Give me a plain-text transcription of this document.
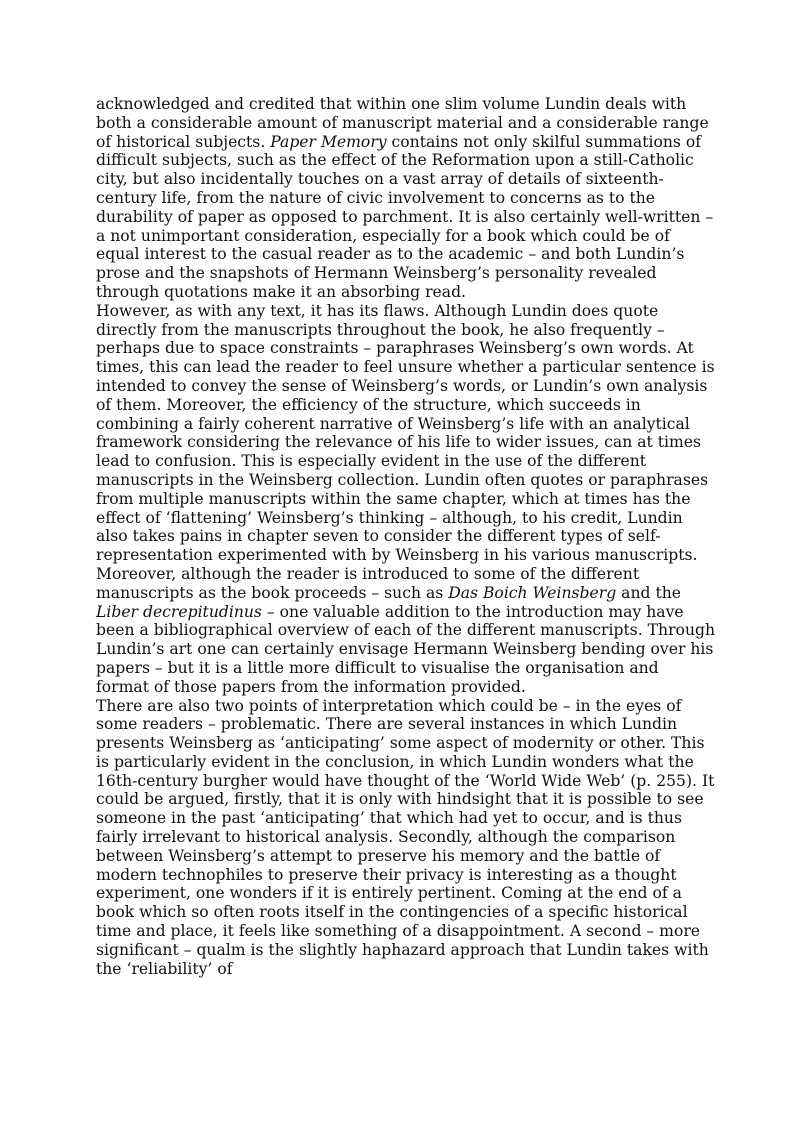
acknowledged and credited that within one slim volume Lundin deals with both a considerable amount of manuscript material and a considerable range of historical subjects. Paper Memory contains not only skilful summations of difficult subjects, such as the effect of the Reformation upon a still-Catholic city, but also incidentally touches on a vast array of details of sixteenth-century life, from the nature of civic involvement to concerns as to the durability of paper as opposed to parchment. It is also certainly well-written – a not unimportant consideration, especially for a book which could be of equal interest to the casual reader as to the academic – and both Lundin’s prose and the snapshots of Hermann Weinsberg’s personality revealed through quotations make it an absorbing read.

However, as with any text, it has its flaws. Although Lundin does quote directly from the manuscripts throughout the book, he also frequently – perhaps due to space constraints – paraphrases Weinsberg’s own words. At times, this can lead the reader to feel unsure whether a particular sentence is intended to convey the sense of Weinsberg’s words, or Lundin’s own analysis of them. Moreover, the efficiency of the structure, which succeeds in combining a fairly coherent narrative of Weinsberg’s life with an analytical framework considering the relevance of his life to wider issues, can at times lead to confusion. This is especially evident in the use of the different manuscripts in the Weinsberg collection. Lundin often quotes or paraphrases from multiple manuscripts within the same chapter, which at times has the effect of ‘flattening’ Weinsberg’s thinking – although, to his credit, Lundin also takes pains in chapter seven to consider the different types of self-representation experimented with by Weinsberg in his various manuscripts. Moreover, although the reader is introduced to some of the different manuscripts as the book proceeds – such as Das Boich Weinsberg and the Liber decrepitudinus – one valuable addition to the introduction may have been a bibliographical overview of each of the different manuscripts. Through Lundin’s art one can certainly envisage Hermann Weinsberg bending over his papers – but it is a little more difficult to visualise the organisation and format of those papers from the information provided.

There are also two points of interpretation which could be – in the eyes of some readers – problematic. There are several instances in which Lundin presents Weinsberg as ‘anticipating’ some aspect of modernity or other. This is particularly evident in the conclusion, in which Lundin wonders what the 16th-century burgher would have thought of the ‘World Wide Web’ (p. 255). It could be argued, firstly, that it is only with hindsight that it is possible to see someone in the past ‘anticipating’ that which had yet to occur, and is thus fairly irrelevant to historical analysis. Secondly, although the comparison between Weinsberg’s attempt to preserve his memory and the battle of modern technophiles to preserve their privacy is interesting as a thought experiment, one wonders if it is entirely pertinent. Coming at the end of a book which so often roots itself in the contingencies of a specific historical time and place, it feels like something of a disappointment. A second – more significant – qualm is the slightly haphazard approach that Lundin takes with the ‘reliability’ of
